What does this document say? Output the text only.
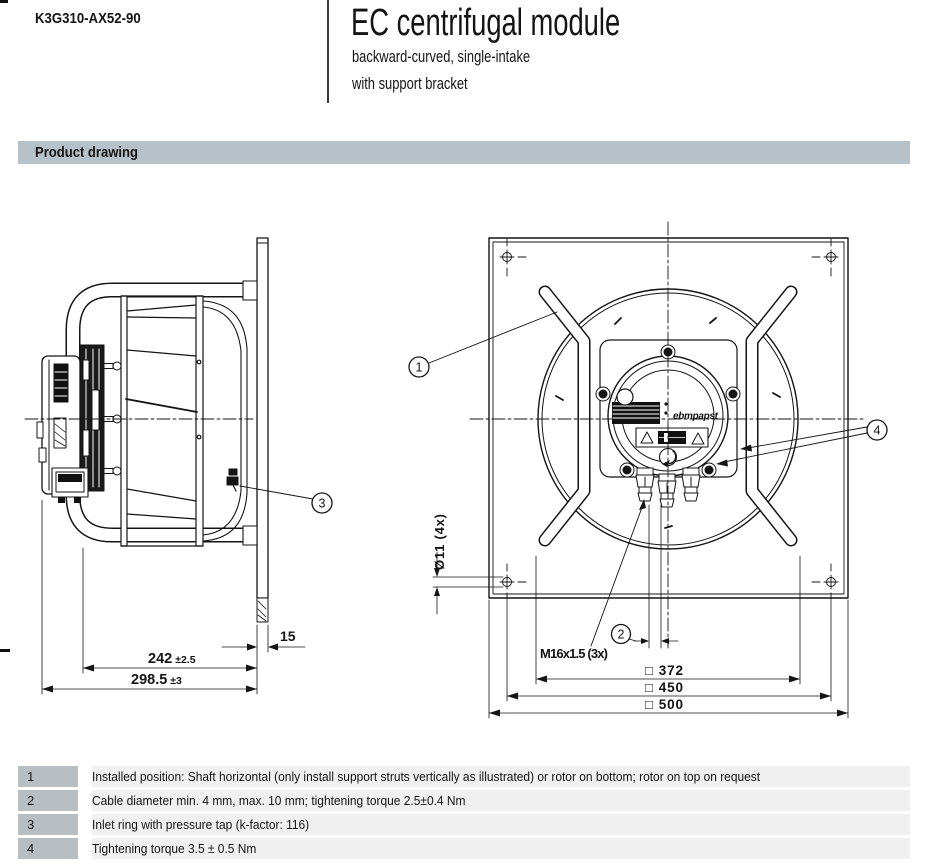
K3G310-AX52-90	EC centrifugal module
backward-curved, single-intake
with support bracket
Product drawing
15
242 ±2.5
298.5 ±3
3
ebmpapst
1
4
2
M16x1.5 (3x)
Ø11 (4x)
□ 372
□ 450
□ 500
1	Installed position: Shaft horizontal (only install support struts vertically as illustrated) or rotor on bottom; rotor on top on request
2	Cable diameter min. 4 mm, max. 10 mm; tightening torque 2.5±0.4 Nm
3	Inlet ring with pressure tap (k-factor: 116)
4	Tightening torque 3.5 ± 0.5 Nm
